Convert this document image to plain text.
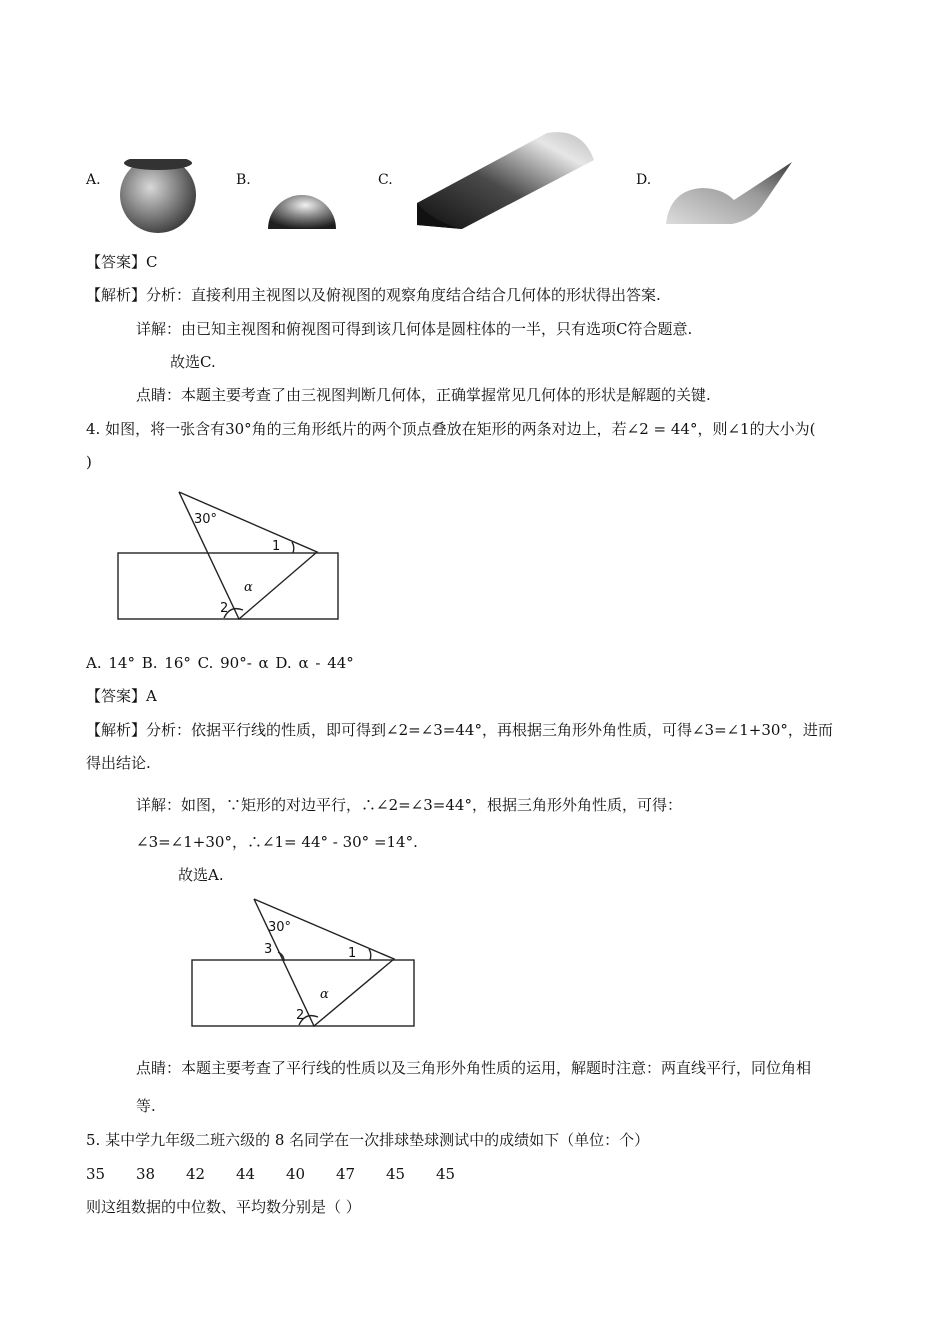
A.	B.	C.	D.
【答案】C
【解析】分析：直接利用主视图以及俯视图的观察角度结合结合几何体的形状得出答案.
详解：由已知主视图和俯视图可得到该几何体是圆柱体的一半，只有选项C符合题意.
故选C.
点睛：本题主要考查了由三视图判断几何体，正确掌握常见几何体的形状是解题的关键.
4. 如图，将一张含有30°角的三角形纸片的两个顶点叠放在矩形的两条对边上，若∠2 = 44°，则∠1的大小为(
)
30°
1
2
α
A. 14° B. 16° C. 90°- α D. α - 44°
【答案】A
【解析】分析：依据平行线的性质，即可得到∠2=∠3=44°，再根据三角形外角性质，可得∠3=∠1+30°，进而
得出结论.
详解：如图，∵矩形的对边平行，∴∠2=∠3=44°，根据三角形外角性质，可得：
∠3=∠1+30°，∴∠1= 44° - 30° =14°.
故选A.
30°
1
3
2
α
点睛：本题主要考查了平行线的性质以及三角形外角性质的运用，解题时注意：两直线平行，同位角相
等.
5. 某中学九年级二班六级的 8 名同学在一次排球垫球测试中的成绩如下（单位：个）
35 38 42 44 40 47 45 45
则这组数据的中位数、平均数分别是（ ）
